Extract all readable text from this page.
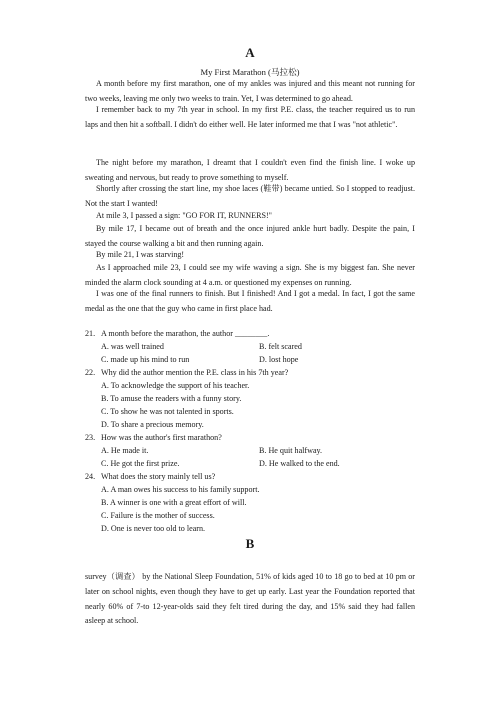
A
My First Marathon (马拉松)

A month before my first marathon, one of my ankles was injured and this meant not running for two weeks, leaving me only two weeks to train. Yet, I was determined to go ahead.

I remember back to my 7th year in school. In my first P.E. class, the teacher required us to run laps and then hit a softball. I didn't do either well. He later informed me that I was "not athletic".

The night before my marathon, I dreamt that I couldn't even find the finish line. I woke up sweating and nervous, but ready to prove something to myself.

Shortly after crossing the start line, my shoe laces (鞋带) became untied. So I stopped to readjust. Not the start I wanted!

At mile 3, I passed a sign: "GO FOR IT, RUNNERS!"

By mile 17, I became out of breath and the once injured ankle hurt badly. Despite the pain, I stayed the course walking a bit and then running again.

By mile 21, I was starving!

As I approached mile 23, I could see my wife waving a sign. She is my biggest fan. She never minded the alarm clock sounding at 4 a.m. or questioned my expenses on running.

I was one of the final runners to finish. But I finished! And I got a medal. In fact, I got the same medal as the one that the guy who came in first place had.

21. A month before the marathon, the author ________.
A. was well trained	B. felt scared
C. made up his mind to run	D. lost hope
22. Why did the author mention the P.E. class in his 7th year?
A. To acknowledge the support of his teacher.
B. To amuse the readers with a funny story.
C. To show he was not talented in sports.
D. To share a precious memory.
23. How was the author's first marathon?
A. He made it.	B. He quit halfway.
C. He got the first prize.	D. He walked to the end.
24. What does the story mainly tell us?
A. A man owes his success to his family support.
B. A winner is one with a great effort of will.
C. Failure is the mother of success.
D. One is never too old to learn.
B

survey（调查） by the National Sleep Foundation, 51% of kids aged 10 to 18 go to bed at 10 pm or later on school nights, even though they have to get up early. Last year the Foundation reported that nearly 60% of 7-to 12-year-olds said they felt tired during the day, and 15% said they had fallen asleep at school.
